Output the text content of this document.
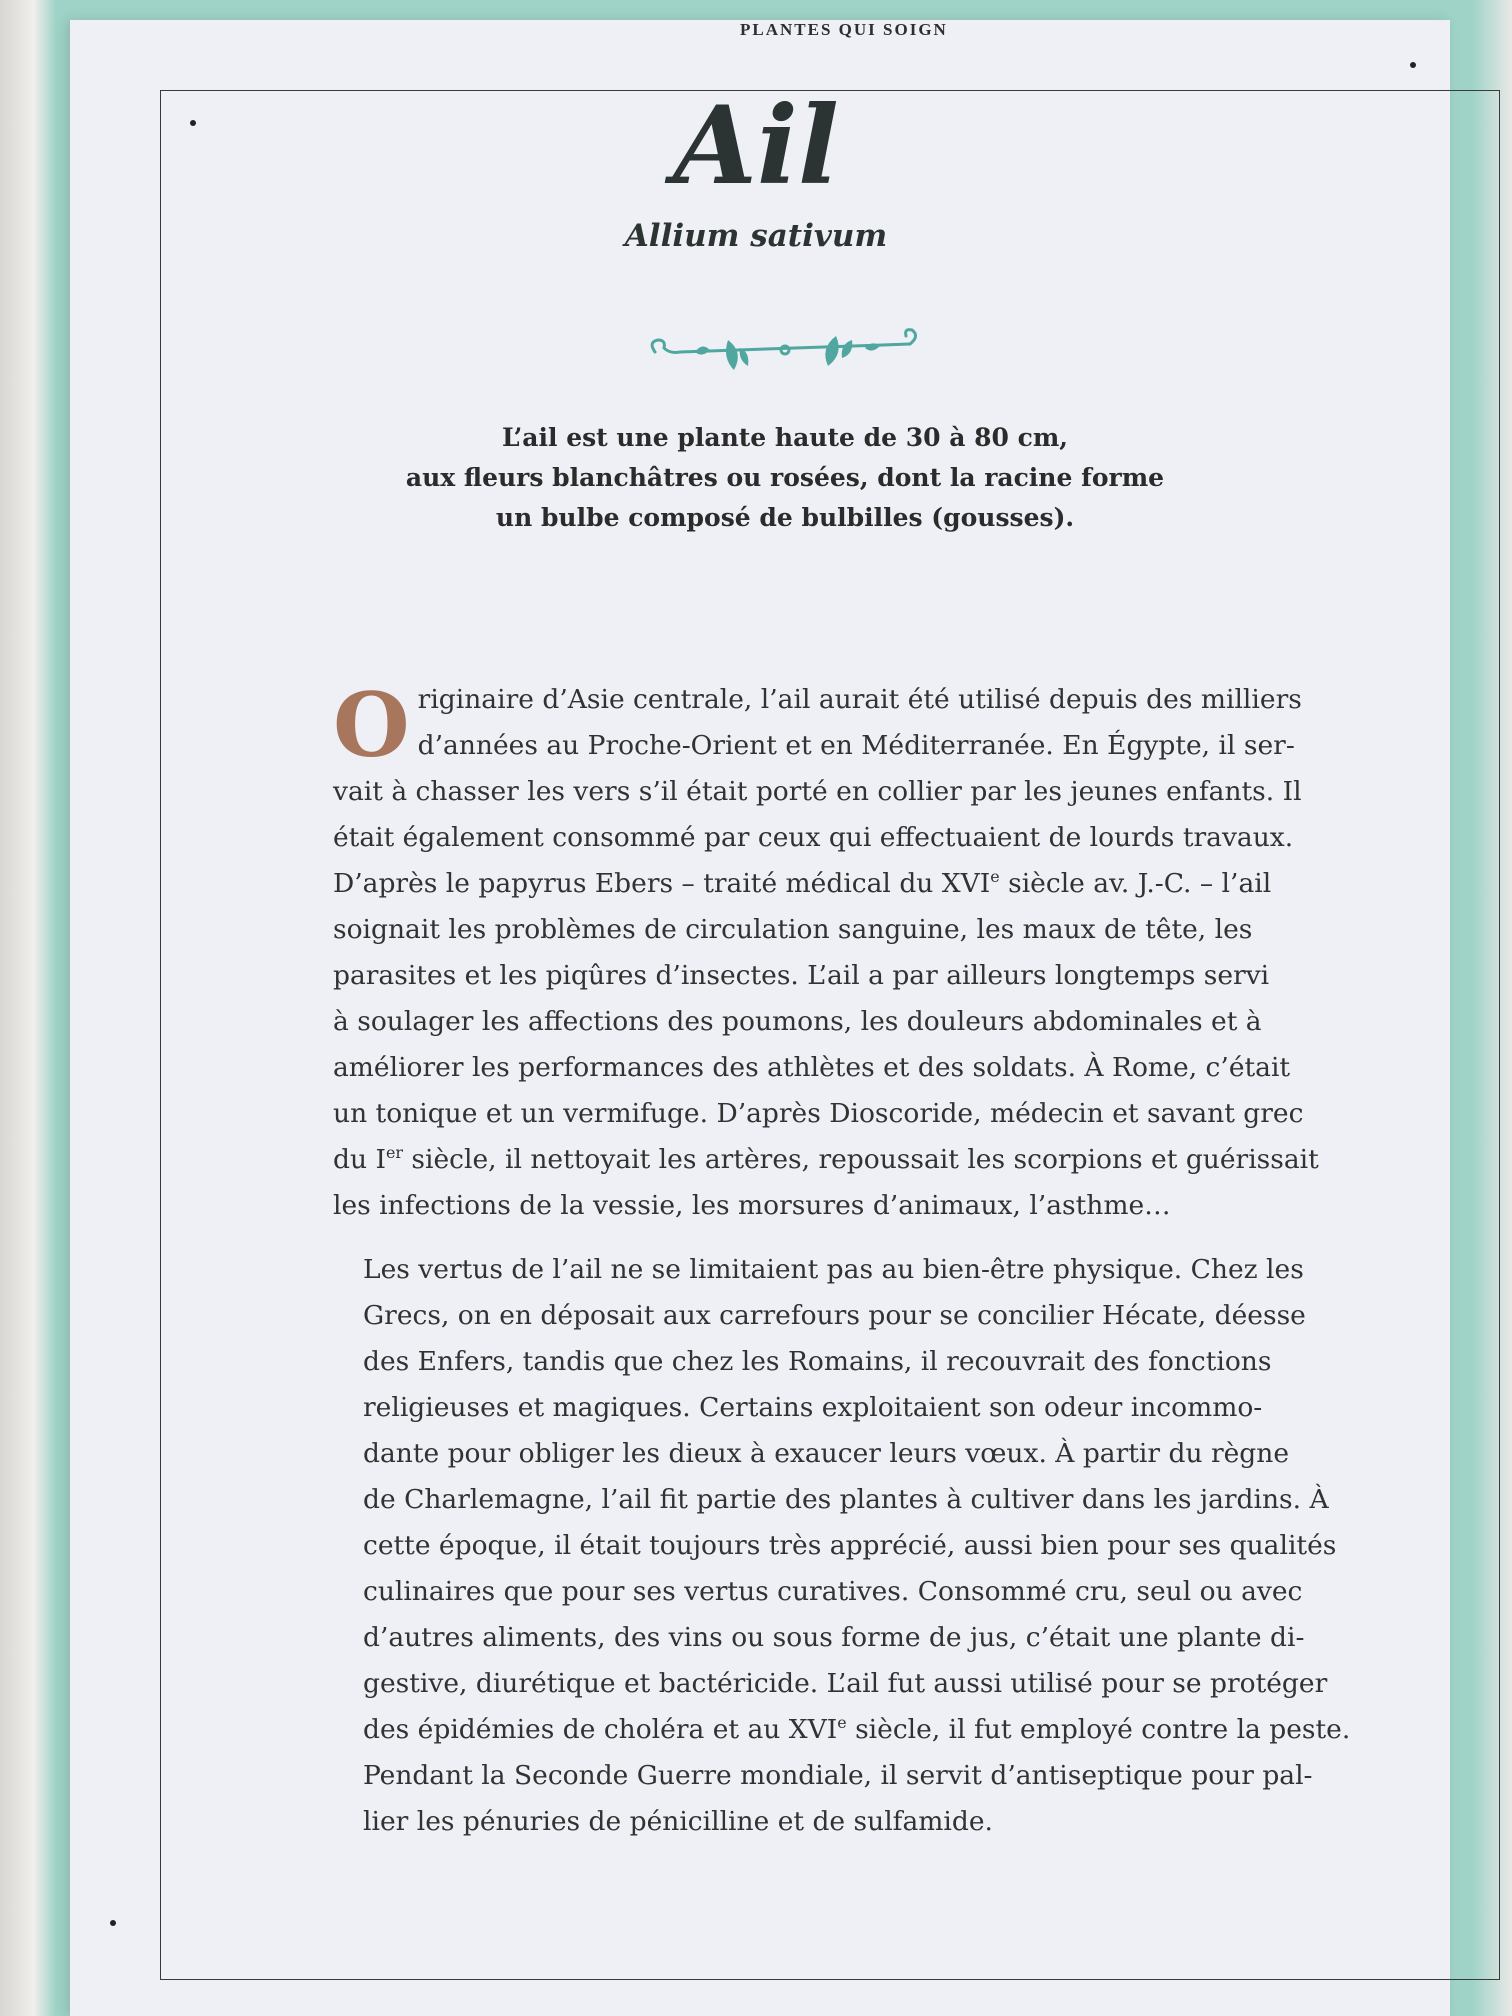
PLANTES QUI SOIGN
Ail
Allium sativum
L’ail est une plante haute de 30 à 80 cm,
aux fleurs blanchâtres ou rosées, dont la racine forme
un bulbe composé de bulbilles (gousses).

O riginaire d’Asie centrale, l’ail aurait été utilisé depuis des milliers
d’années au Proche-Orient et en Méditerranée. En Égypte, il ser-
vait à chasser les vers s’il était porté en collier par les jeunes enfants. Il
était également consommé par ceux qui effectuaient de lourds travaux.
D’après le papyrus Ebers – traité médical du XVIe siècle av. J.-C. – l’ail
soignait les problèmes de circulation sanguine, les maux de tête, les
parasites et les piqûres d’insectes. L’ail a par ailleurs longtemps servi
à soulager les affections des poumons, les douleurs abdominales et à
améliorer les performances des athlètes et des soldats. À Rome, c’était
un tonique et un vermifuge. D’après Dioscoride, médecin et savant grec
du Ier siècle, il nettoyait les artères, repoussait les scorpions et guérissait
les infections de la vessie, les morsures d’animaux, l’asthme…

Les vertus de l’ail ne se limitaient pas au bien-être physique. Chez les
Grecs, on en déposait aux carrefours pour se concilier Hécate, déesse
des Enfers, tandis que chez les Romains, il recouvrait des fonctions
religieuses et magiques. Certains exploitaient son odeur incommo-
dante pour obliger les dieux à exaucer leurs vœux. À partir du règne
de Charlemagne, l’ail fit partie des plantes à cultiver dans les jardins. À
cette époque, il était toujours très apprécié, aussi bien pour ses qualités
culinaires que pour ses vertus curatives. Consommé cru, seul ou avec
d’autres aliments, des vins ou sous forme de jus, c’était une plante di-
gestive, diurétique et bactéricide. L’ail fut aussi utilisé pour se protéger
des épidémies de choléra et au XVIe siècle, il fut employé contre la peste.
Pendant la Seconde Guerre mondiale, il servit d’antiseptique pour pal-
lier les pénuries de pénicilline et de sulfamide.
